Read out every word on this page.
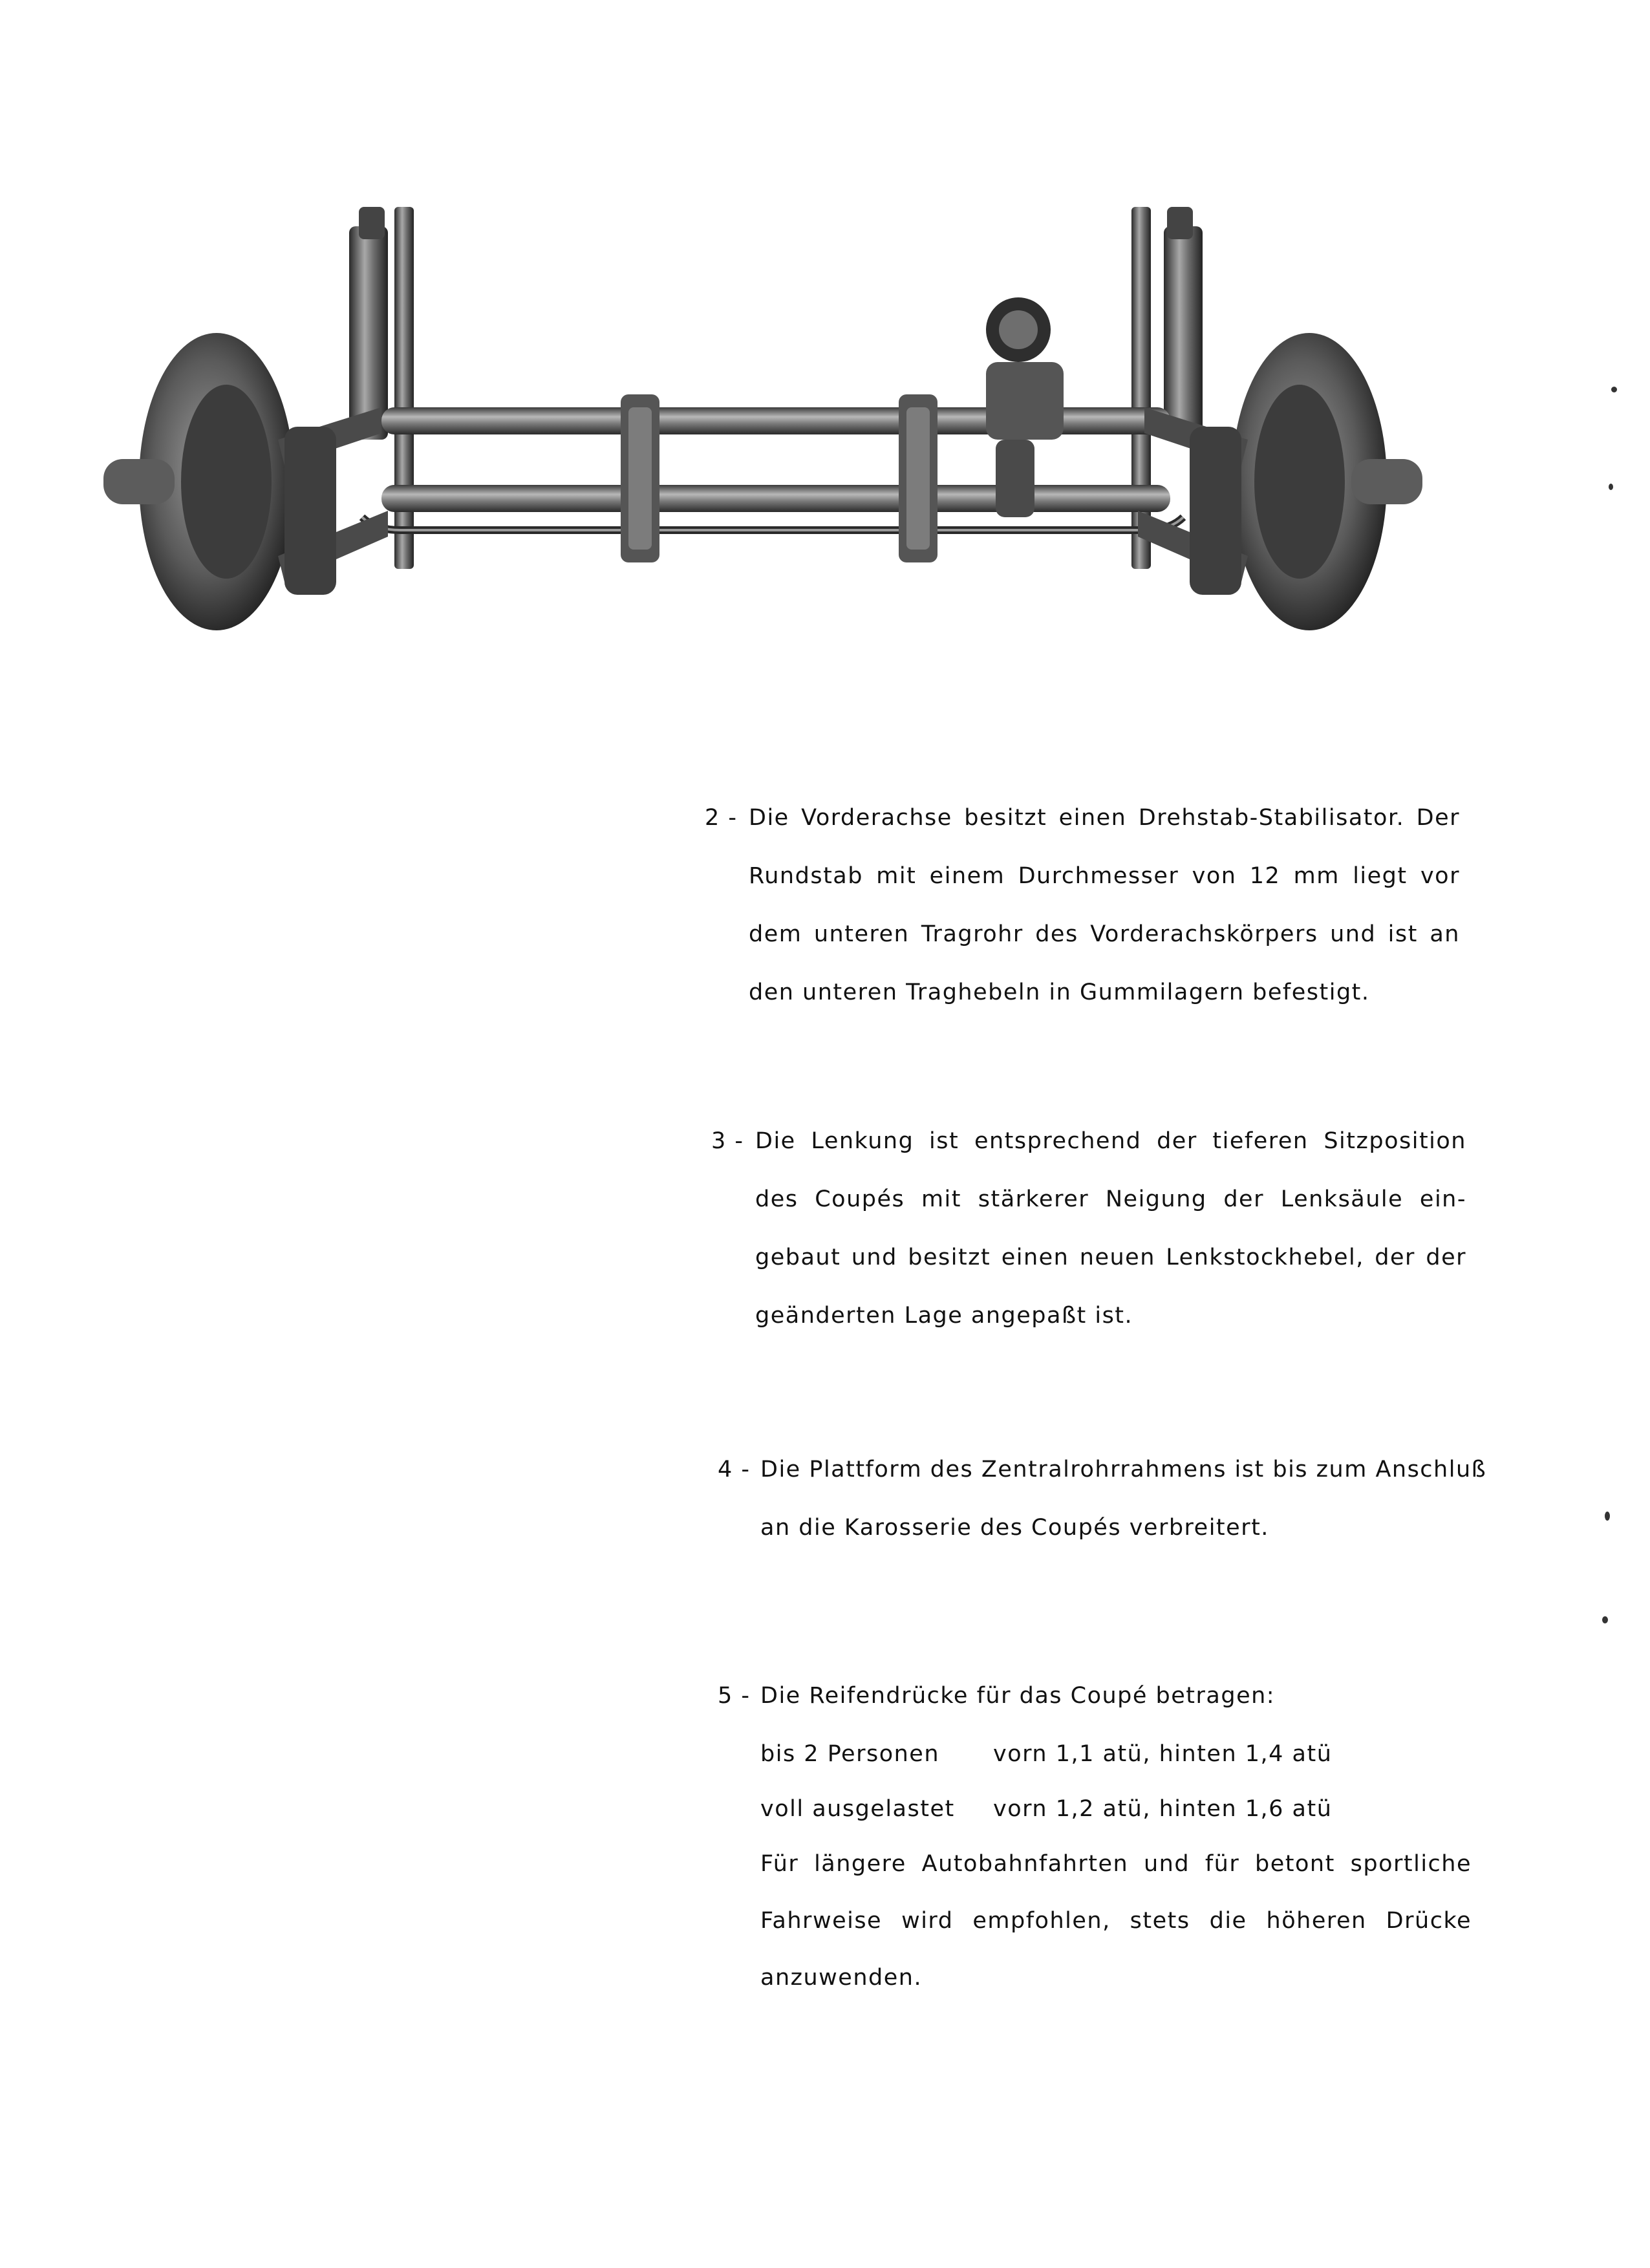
2 - Die Vorderachse besitzt einen Drehstab-Stabilisator. Der
Rundstab mit einem Durchmesser von 12 mm liegt vor
dem unteren Tragrohr des Vorderachskörpers und ist an
den unteren Traghebeln in Gummilagern befestigt.
3 - Die Lenkung ist entsprechend der tieferen Sitzposition
des Coupés mit stärkerer Neigung der Lenksäule ein-
gebaut und besitzt einen neuen Lenkstockhebel, der der
geänderten Lage angepaßt ist.
4 - Die Plattform des Zentralrohrrahmens ist bis zum Anschluß
an die Karosserie des Coupés verbreitert.
5 - Die Reifendrücke für das Coupé betragen:
bis 2 Personen vorn 1,1 atü, hinten 1,4 atü
voll ausgelastet vorn 1,2 atü, hinten 1,6 atü
Für längere Autobahnfahrten und für betont sportliche
Fahrweise wird empfohlen, stets die höheren Drücke
anzuwenden.
